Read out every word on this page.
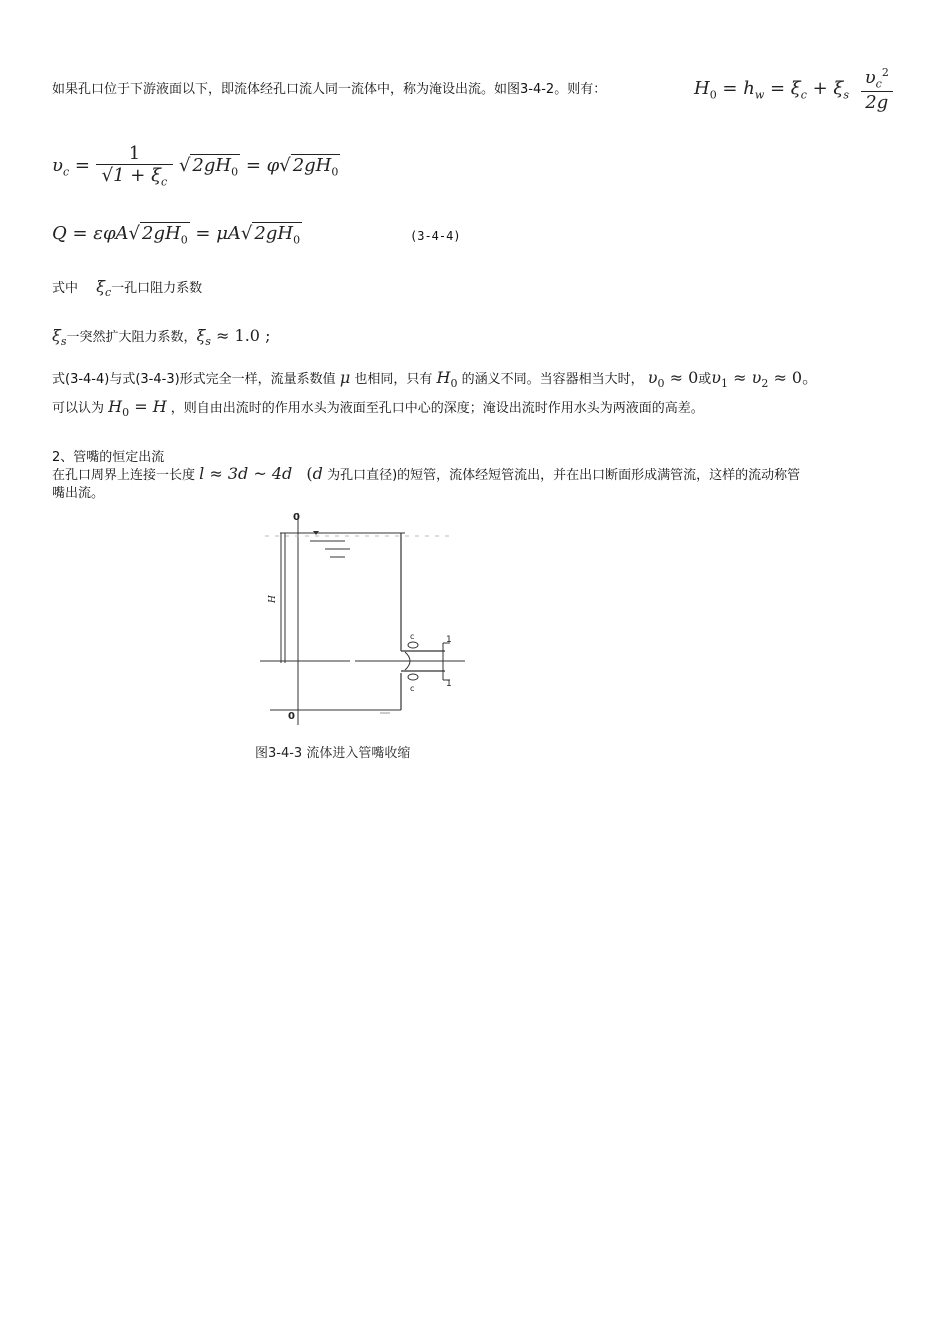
如果孔口位于下游液面以下，即流体经孔口流人同一流体中，称为淹设出流。如图3-4-2。则有：	$H_0 = h_w = \xi_c + \xi_s \frac{\upsilon_c^2}{2g}$
$\upsilon_c = \frac{1}{√1 + \xi_c}$ √ $2gH_0 = \varphi√$ $2gH_0$
Q = εφA√ $2gH_0 = \mu A√$ $2gH_0$	(3-4-4)
式中 $\xi_c$一孔口阻力系数
$\xi_s$一突然扩大阻力系数，$\xi_s \approx 1.0$ ;
式(3-4-4)与式(3-4-3)形式完全一样，流量系数值 μ 也相同，只有 $H_0$ 的涵义不同。当容器相当大时， $\upsilon_0 \approx 0$或$\upsilon_1 \approx \upsilon_2 \approx 0$。
可以认为 $H_0 = H$ ，则自由出流时的作用水头为液面至孔口中心的深度；淹设出流时作用水头为两液面的高差。
2、管嘴的恒定出流
在孔口周界上连接一长度 l ≈ 3d ~ 4d (d 为孔口直径)的短管，流体经短管流出，并在出口断面形成满管流，这样的流动称管
嘴出流。
1
1
c
c
0
0
H
图3-4-3 流体进入管嘴收缩
